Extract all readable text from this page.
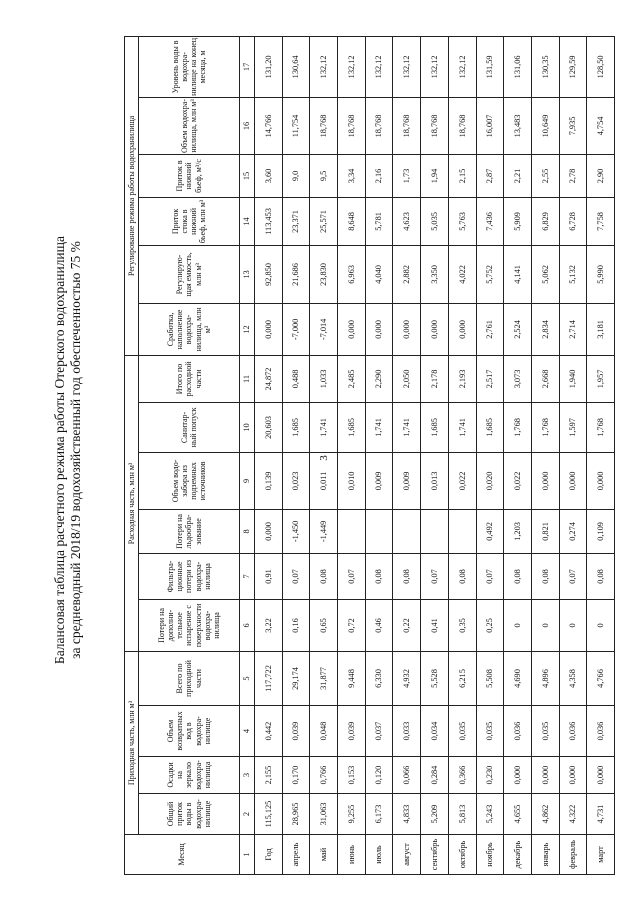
3
Балансовая таблица расчетного режима работы Отерского водохранилища за средневодный 2018/19 водохозяйственный год обеспеченностью 75 %
Месяц	Приходная часть, млн м³				Расходная часть, млн м³						Регулирование режима работы водохранилища					
	Общий приток воды в водохра- нилище	Осадки на зеркало водохра- нилища	Объем возвратных вод в водохра- нилище	Всего по приходной части	Потери на дополни- тельное испарение с поверхности водохра- нилища	Фильтра- ционные потери из водохра- нилища	Потери на льдообра- зование	Объем водо- забора из подземных источников	Санитар- ный попуск	Итого по расходной части	Сработка, наполнение водохра- нилища, млн м³	Регулирую- щая емкость, млн м³	Приток стока в нижний бьеф, млн м³	Приток в нижний бьеф, м³/с	Объем водохра- нилища, млн м³	Уровень воды в водохра- нилище на конец месяца, м
1	2	3	4	5	6	7	8	9	10	11	12	13	14	15	16	17
Год	115,125	2,155	0,442	117,722	3,22	0,91	0,000	0,139	20,603	24,872	0,000	92,850	113,453	3,60	14,766	131,20
апрель	28,965	0,170	0,039	29,174	0,16	0,07	-1,450	0,023	1,685	0,488	-7,000	21,686	23,371	9,0	11,754	130,64
май	31,063	0,766	0,048	31,877	0,65	0,08	-1,449	0,011	1,741	1,033	-7,014	23,830	25,571	9,5	18,768	132,12
июнь	9,255	0,153	0,039	9,448	0,72	0,07		0,010	1,685	2,485	0,000	6,963	8,648	3,34	18,768	132,12
июль	6,173	0,120	0,037	6,330	0,46	0,08		0,009	1,741	2,290	0,000	4,040	5,781	2,16	18,768	132,12
август	4,833	0,066	0,033	4,932	0,22	0,08		0,009	1,741	2,050	0,000	2,882	4,623	1,73	18,768	132,12
сентябрь	5,209	0,284	0,034	5,528	0,41	0,07		0,013	1,685	2,178	0,000	3,350	5,035	1,94	18,768	132,12
октябрь	5,813	0,366	0,035	6,215	0,35	0,08		0,022	1,741	2,193	0,000	4,022	5,763	2,15	18,768	132,12
ноябрь	5,243	0,230	0,035	5,508	0,25	0,07	0,492	0,020	1,685	2,517	2,761	5,752	7,436	2,87	16,007	131,59
декабрь	4,655	0,000	0,036	4,690	0	0,08	1,203	0,022	1,768	3,073	2,524	4,141	5,909	2,21	13,483	131,06
январь	4,862	0,000	0,035	4,896	0	0,08	0,821	0,000	1,768	2,668	2,834	5,062	6,829	2,55	10,649	130,35
февраль	4,322	0,000	0,036	4,358	0	0,07	0,274	0,000	1,597	1,940	2,714	5,132	6,728	2,78	7,935	129,59
март	4,731	0,000	0,036	4,766	0	0,08	0,109	0,000	1,768	1,957	3,181	5,990	7,758	2,90	4,754	128,50
